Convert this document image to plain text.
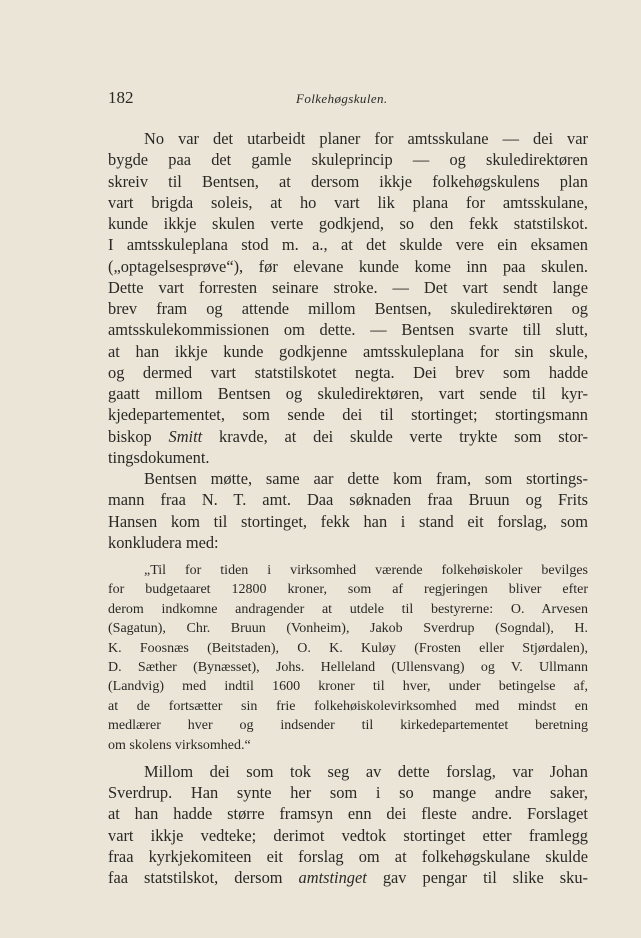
182	Folkehøgskulen.
No var det utarbeidt planer for amtsskulane — dei var
bygde paa det gamle skuleprincip — og skuledirektøren
skreiv til Bentsen, at dersom ikkje folkehøgskulens plan
vart brigda soleis, at ho vart lik plana for amtsskulane,
kunde ikkje skulen verte godkjend, so den fekk statstilskot.
I amtsskuleplana stod m. a., at det skulde vere ein eksamen
(„optagelsesprøve“), før elevane kunde kome inn paa skulen.
Dette vart forresten seinare stroke. — Det vart sendt lange
brev fram og attende millom Bentsen, skuledirektøren og
amtsskulekommissionen om dette. — Bentsen svarte till slutt,
at han ikkje kunde godkjenne amtsskuleplana for sin skule,
og dermed vart statstilskotet negta. Dei brev som hadde
gaatt millom Bentsen og skuledirektøren, vart sende til kyr-
kjedepartementet, som sende dei til stortinget; stortingsmann
biskop Smitt kravde, at dei skulde verte trykte som stor-
tingsdokument.
Bentsen møtte, same aar dette kom fram, som stortings-
mann fraa N. T. amt. Daa søknaden fraa Bruun og Frits
Hansen kom til stortinget, fekk han i stand eit forslag, som
konkludera med:
„Til for tiden i virksomhed værende folkehøiskoler bevilges
for budgetaaret 12800 kroner, som af regjeringen bliver efter
derom indkomne andragender at utdele til bestyrerne: O. Arvesen
(Sagatun), Chr. Bruun (Vonheim), Jakob Sverdrup (Sogndal), H.
K. Foosnæs (Beitstaden), O. K. Kuløy (Frosten eller Stjørdalen),
D. Sæther (Bynæsset), Johs. Helleland (Ullensvang) og V. Ullmann
(Landvig) med indtil 1600 kroner til hver, under betingelse af,
at de fortsætter sin frie folkehøiskolevirksomhed med mindst en
medlærer hver og indsender til kirkedepartementet beretning
om skolens virksomhed.“
Millom dei som tok seg av dette forslag, var Johan
Sverdrup. Han synte her som i so mange andre saker,
at han hadde større framsyn enn dei fleste andre. Forslaget
vart ikkje vedteke; derimot vedtok stortinget etter framlegg
fraa kyrkjekomiteen eit forslag om at folkehøgskulane skulde
faa statstilskot, dersom amtstinget gav pengar til slike sku-
